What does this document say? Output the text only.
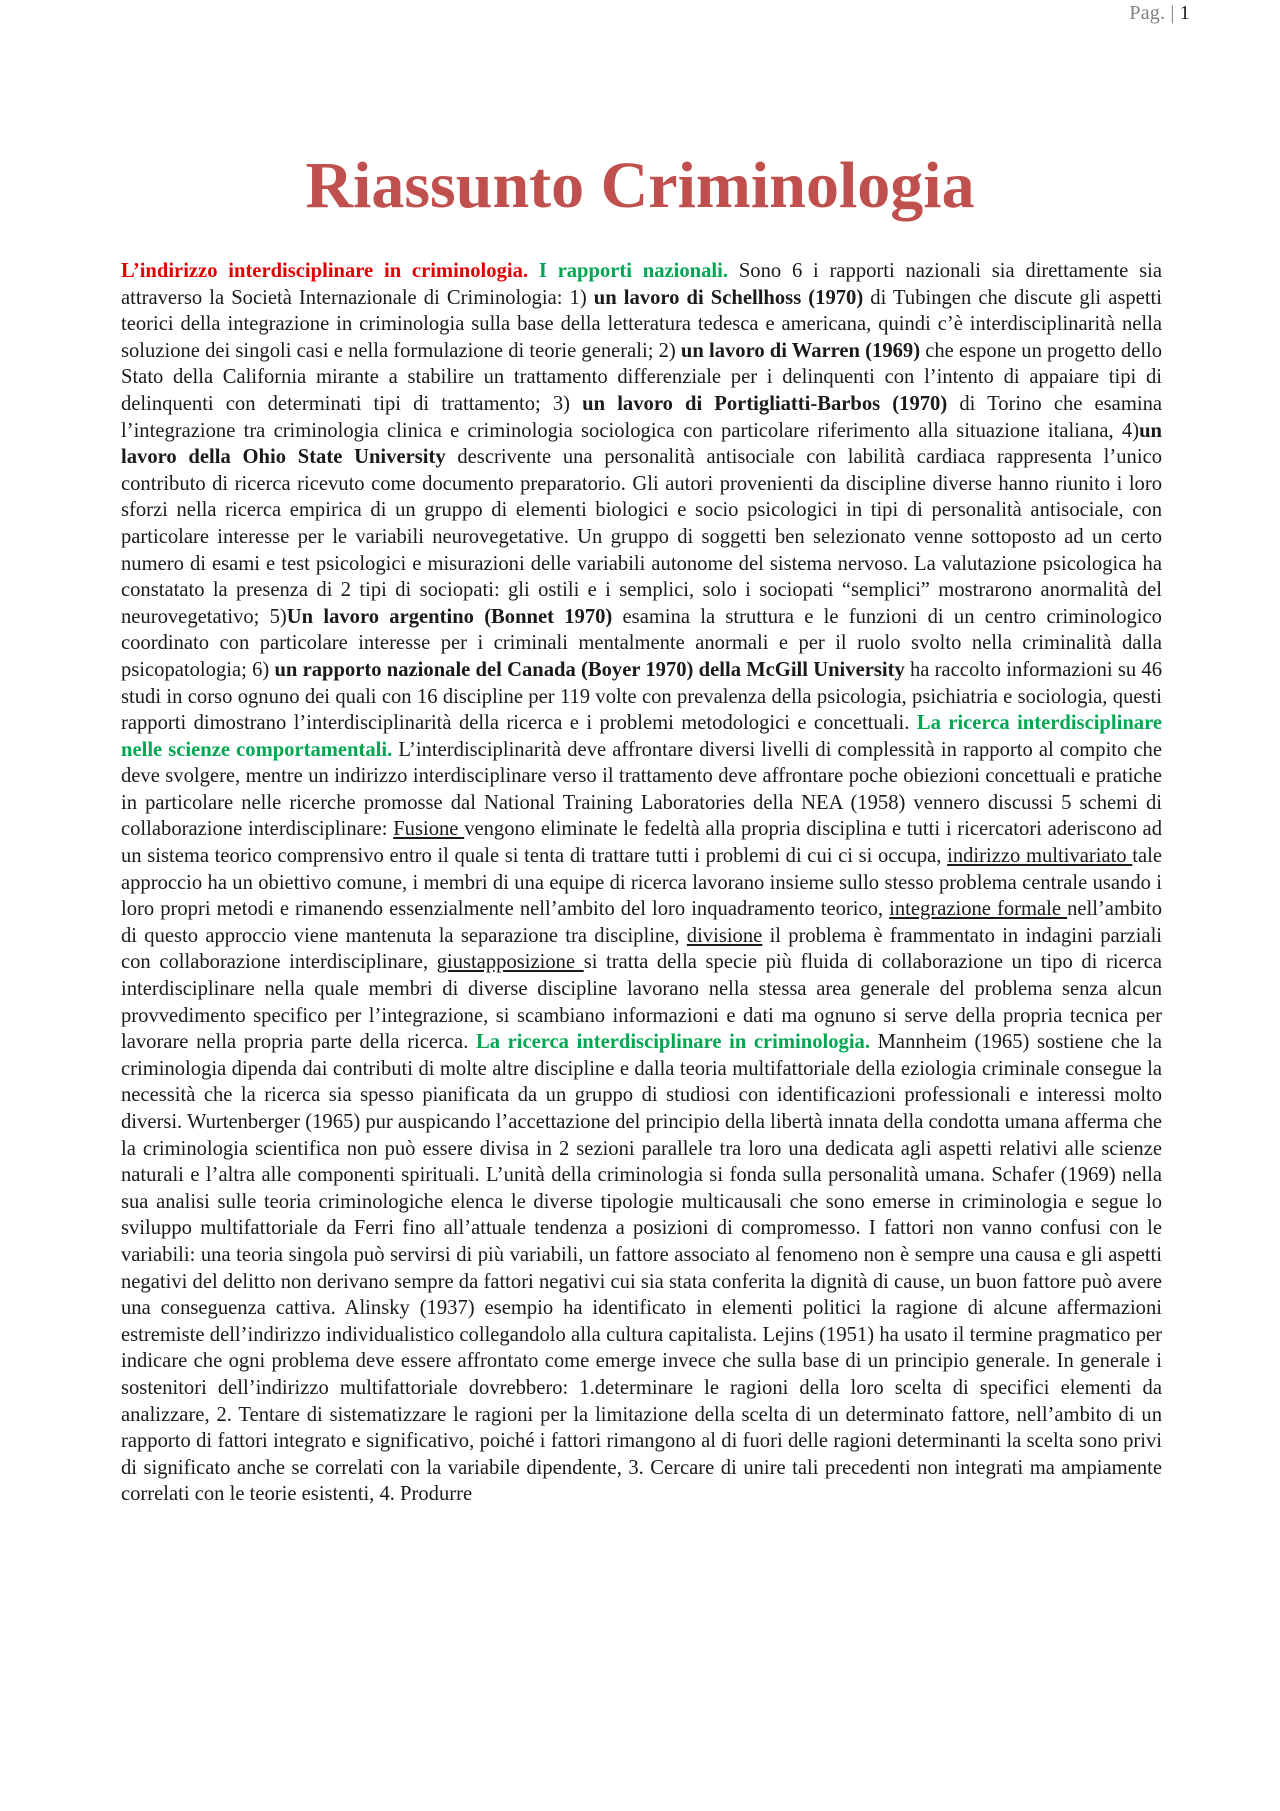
Pag. | 1
Riassunto Criminologia

L’indirizzo interdisciplinare in criminologia. I rapporti nazionali. Sono 6 i rapporti nazionali sia direttamente sia attraverso la Società Internazionale di Criminologia: 1) un lavoro di Schellhoss (1970) di Tubingen che discute gli aspetti teorici della integrazione in criminologia sulla base della letteratura tedesca e americana, quindi c’è interdisciplinarità nella soluzione dei singoli casi e nella formulazione di teorie generali; 2) un lavoro di Warren (1969) che espone un progetto dello Stato della California mirante a stabilire un trattamento differenziale per i delinquenti con l’intento di appaiare tipi di delinquenti con determinati tipi di trattamento; 3) un lavoro di Portigliatti-Barbos (1970) di Torino che esamina l’integrazione tra criminologia clinica e criminologia sociologica con particolare riferimento alla situazione italiana, 4)un lavoro della Ohio State University descrivente una personalità antisociale con labilità cardiaca rappresenta l’unico contributo di ricerca ricevuto come documento preparatorio. Gli autori provenienti da discipline diverse hanno riunito i loro sforzi nella ricerca empirica di un gruppo di elementi biologici e socio psicologici in tipi di personalità antisociale, con particolare interesse per le variabili neurovegetative. Un gruppo di soggetti ben selezionato venne sottoposto ad un certo numero di esami e test psicologici e misurazioni delle variabili autonome del sistema nervoso. La valutazione psicologica ha constatato la presenza di 2 tipi di sociopati: gli ostili e i semplici, solo i sociopati “semplici” mostrarono anormalità del neurovegetativo; 5)Un lavoro argentino (Bonnet 1970) esamina la struttura e le funzioni di un centro criminologico coordinato con particolare interesse per i criminali mentalmente anormali e per il ruolo svolto nella criminalità dalla psicopatologia; 6) un rapporto nazionale del Canada (Boyer 1970) della McGill University ha raccolto informazioni su 46 studi in corso ognuno dei quali con 16 discipline per 119 volte con prevalenza della psicologia, psichiatria e sociologia, questi rapporti dimostrano l’interdisciplinarità della ricerca e i problemi metodologici e concettuali. La ricerca interdisciplinare nelle scienze comportamentali. L’interdisciplinarità deve affrontare diversi livelli di complessità in rapporto al compito che deve svolgere, mentre un indirizzo interdisciplinare verso il trattamento deve affrontare poche obiezioni concettuali e pratiche in particolare nelle ricerche promosse dal National Training Laboratories della NEA (1958) vennero discussi 5 schemi di collaborazione interdisciplinare: Fusione vengono eliminate le fedeltà alla propria disciplina e tutti i ricercatori aderiscono ad un sistema teorico comprensivo entro il quale si tenta di trattare tutti i problemi di cui ci si occupa, indirizzo multivariato tale approccio ha un obiettivo comune, i membri di una equipe di ricerca lavorano insieme sullo stesso problema centrale usando i loro propri metodi e rimanendo essenzialmente nell’ambito del loro inquadramento teorico, integrazione formale nell’ambito di questo approccio viene mantenuta la separazione tra discipline, divisione il problema è frammentato in indagini parziali con collaborazione interdisciplinare, giustapposizione si tratta della specie più fluida di collaborazione un tipo di ricerca interdisciplinare nella quale membri di diverse discipline lavorano nella stessa area generale del problema senza alcun provvedimento specifico per l’integrazione, si scambiano informazioni e dati ma ognuno si serve della propria tecnica per lavorare nella propria parte della ricerca. La ricerca interdisciplinare in criminologia. Mannheim (1965) sostiene che la criminologia dipenda dai contributi di molte altre discipline e dalla teoria multifattoriale della eziologia criminale consegue la necessità che la ricerca sia spesso pianificata da un gruppo di studiosi con identificazioni professionali e interessi molto diversi. Wurtenberger (1965) pur auspicando l’accettazione del principio della libertà innata della condotta umana afferma che la criminologia scientifica non può essere divisa in 2 sezioni parallele tra loro una dedicata agli aspetti relativi alle scienze naturali e l’altra alle componenti spirituali. L’unità della criminologia si fonda sulla personalità umana. Schafer (1969) nella sua analisi sulle teoria criminologiche elenca le diverse tipologie multicausali che sono emerse in criminologia e segue lo sviluppo multifattoriale da Ferri fino all’attuale tendenza a posizioni di compromesso. I fattori non vanno confusi con le variabili: una teoria singola può servirsi di più variabili, un fattore associato al fenomeno non è sempre una causa e gli aspetti negativi del delitto non derivano sempre da fattori negativi cui sia stata conferita la dignità di cause, un buon fattore può avere una conseguenza cattiva. Alinsky (1937) esempio ha identificato in elementi politici la ragione di alcune affermazioni estremiste dell’indirizzo individualistico collegandolo alla cultura capitalista. Lejins (1951) ha usato il termine pragmatico per indicare che ogni problema deve essere affrontato come emerge invece che sulla base di un principio generale. In generale i sostenitori dell’indirizzo multifattoriale dovrebbero: 1.determinare le ragioni della loro scelta di specifici elementi da analizzare, 2. Tentare di sistematizzare le ragioni per la limitazione della scelta di un determinato fattore, nell’ambito di un rapporto di fattori integrato e significativo, poiché i fattori rimangono al di fuori delle ragioni determinanti la scelta sono privi di significato anche se correlati con la variabile dipendente, 3. Cercare di unire tali precedenti non integrati ma ampiamente correlati con le teorie esistenti, 4. Produrre
